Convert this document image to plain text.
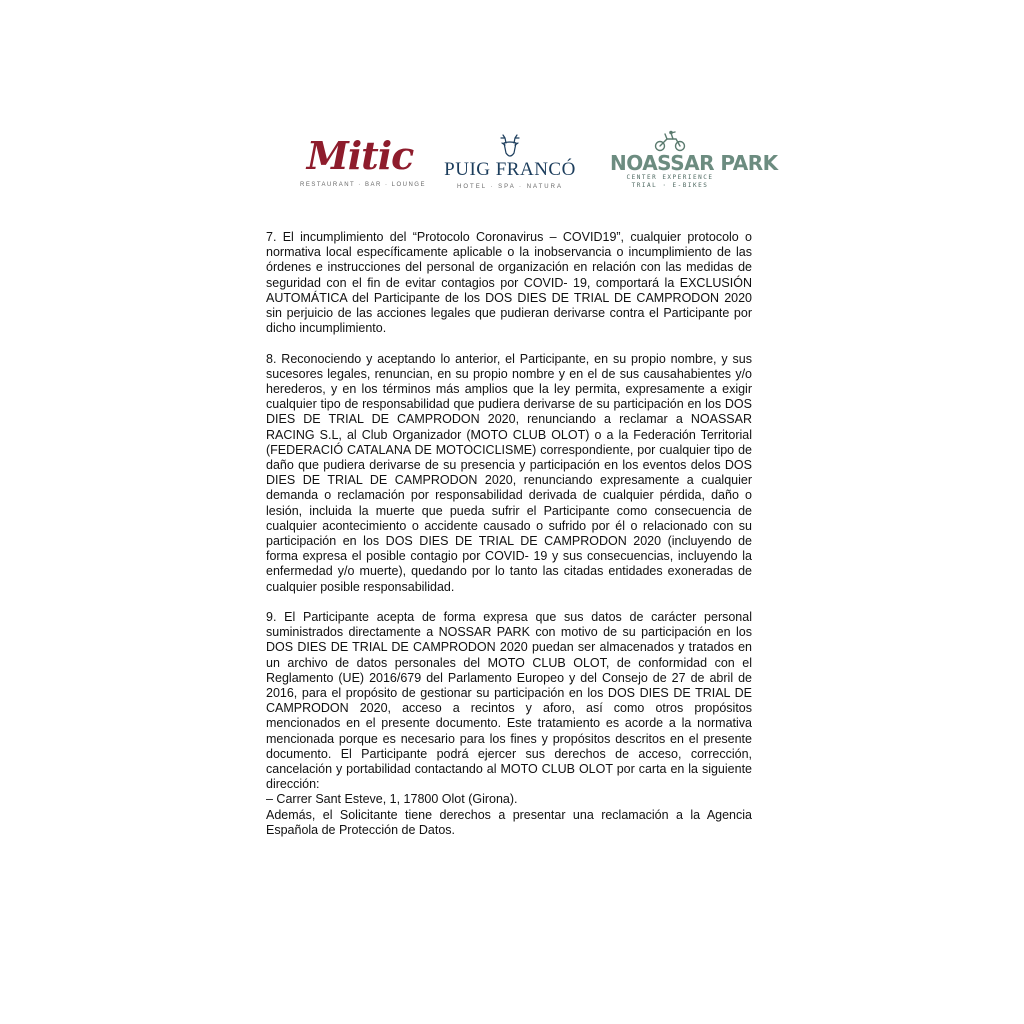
Mitic
RESTAURANT · BAR · LOUNGE
PUIG FRANCÓ
HOTEL · SPA · NATURA
NOASSAR PARK
CENTER EXPERIENCE
TRIAL · E-BIKES

7. El incumplimiento del “Protocolo Coronavirus – COVID19”, cualquier protocolo o normativa local específicamente aplicable o la inobservancia o incumplimiento de las órdenes e instrucciones del personal de organización en relación con las medidas de seguridad con el fin de evitar contagios por COVID- 19, comportará la EXCLUSIÓN AUTOMÁTICA del Participante de los DOS DIES DE TRIAL DE CAMPRODON 2020 sin perjuicio de las acciones legales que pudieran derivarse contra el Participante por dicho incumplimiento.

8. Reconociendo y aceptando lo anterior, el Participante, en su propio nombre, y sus sucesores legales, renuncian, en su propio nombre y en el de sus causahabientes y/o herederos, y en los términos más amplios que la ley permita, expresamente a exigir cualquier tipo de responsabilidad que pudiera derivarse de su participación en los DOS DIES DE TRIAL DE CAMPRODON 2020, renunciando a reclamar a NOASSAR RACING S.L, al Club Organizador (MOTO CLUB OLOT) o a la Federación Territorial (FEDERACIÓ CATALANA DE MOTOCICLISME) correspondiente, por cualquier tipo de daño que pudiera derivarse de su presencia y participación en los eventos delos DOS DIES DE TRIAL DE CAMPRODON 2020, renunciando expresamente a cualquier demanda o reclamación por responsabilidad derivada de cualquier pérdida, daño o lesión, incluida la muerte que pueda sufrir el Participante como consecuencia de cualquier acontecimiento o accidente causado o sufrido por él o relacionado con su participación en los DOS DIES DE TRIAL DE CAMPRODON 2020 (incluyendo de forma expresa el posible contagio por COVID- 19 y sus consecuencias, incluyendo la enfermedad y/o muerte), quedando por lo tanto las citadas entidades exoneradas de cualquier posible responsabilidad.

9. El Participante acepta de forma expresa que sus datos de carácter personal suministrados directamente a NOSSAR PARK con motivo de su participación en los DOS DIES DE TRIAL DE CAMPRODON 2020 puedan ser almacenados y tratados en un archivo de datos personales del MOTO CLUB OLOT, de conformidad con el Reglamento (UE) 2016/679 del Parlamento Europeo y del Consejo de 27 de abril de 2016, para el propósito de gestionar su participación en los DOS DIES DE TRIAL DE CAMPRODON 2020, acceso a recintos y aforo, así como otros propósitos mencionados en el presente documento. Este tratamiento es acorde a la normativa mencionada porque es necesario para los fines y propósitos descritos en el presente documento. El Participante podrá ejercer sus derechos de acceso, corrección, cancelación y portabilidad contactando al MOTO CLUB OLOT por carta en la siguiente dirección:

– Carrer Sant Esteve, 1, 17800 Olot (Girona).

Además, el Solicitante tiene derechos a presentar una reclamación a la Agencia Española de Protección de Datos.
